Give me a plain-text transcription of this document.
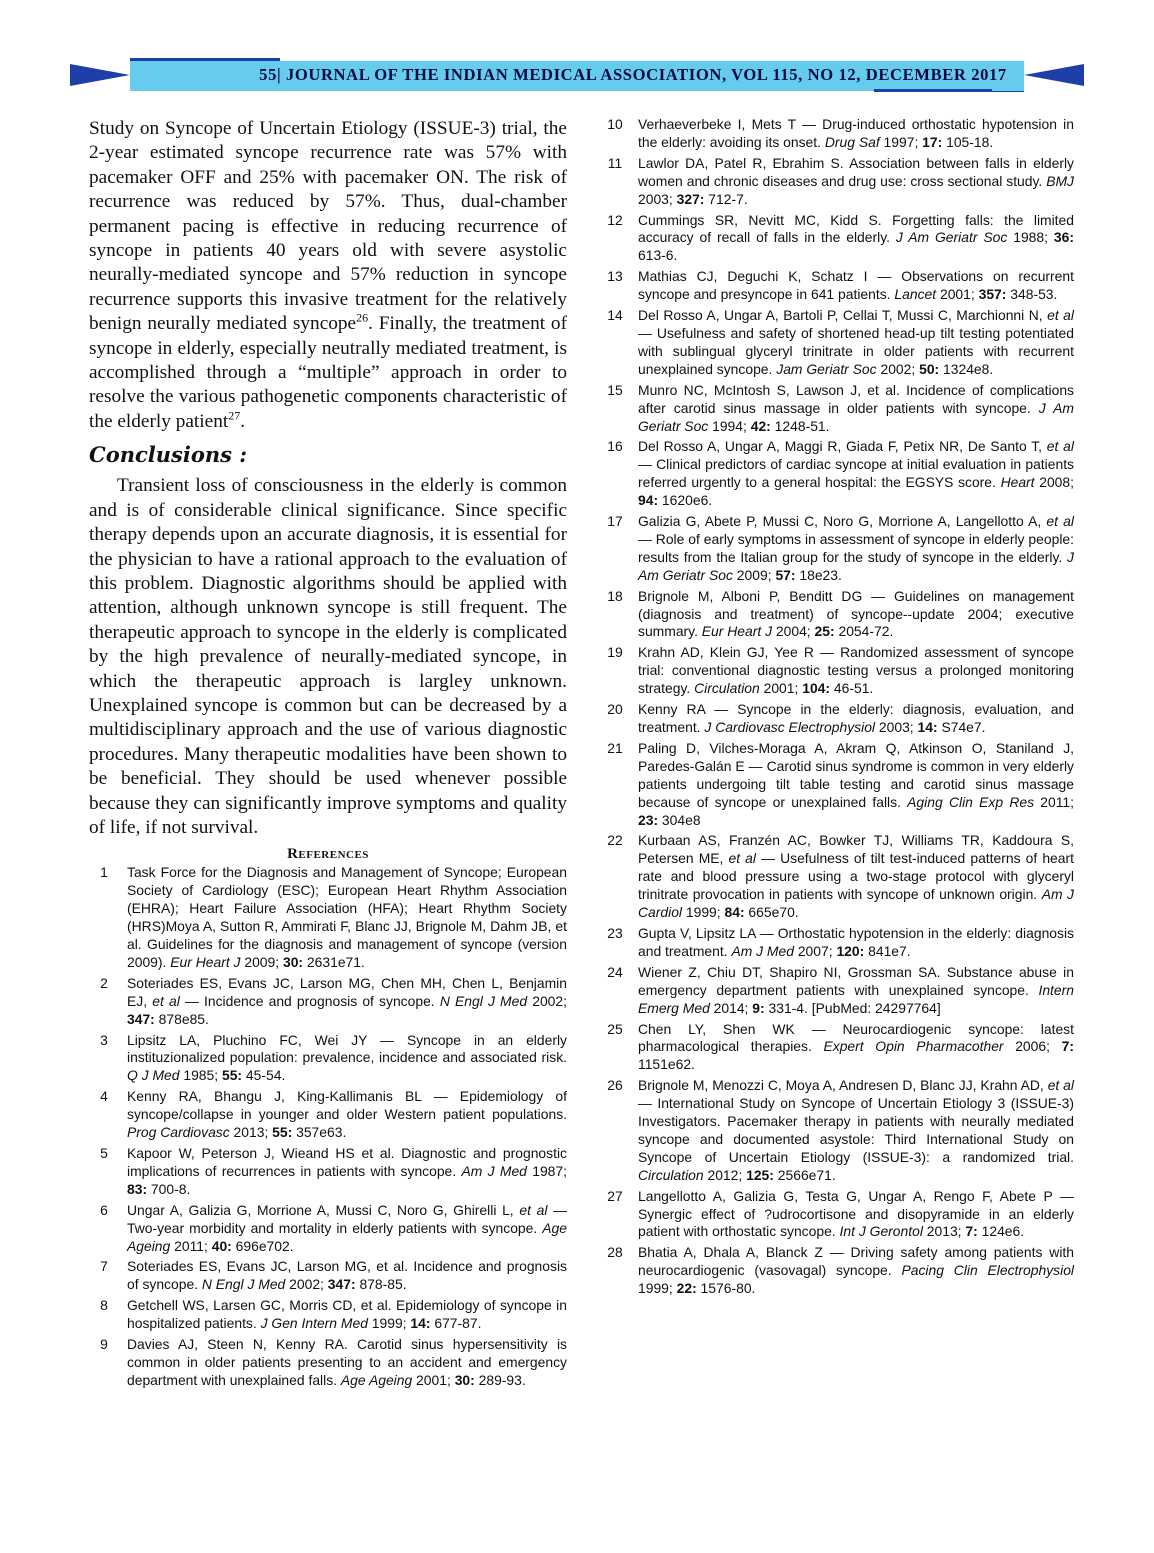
55| JOURNAL OF THE INDIAN MEDICAL ASSOCIATION, VOL 115, NO 12, DECEMBER 2017

Study on Syncope of Uncertain Etiology (ISSUE-3) trial, the 2-year estimated syncope recurrence rate was 57% with pacemaker OFF and 25% with pacemaker ON. The risk of recurrence was reduced by 57%. Thus, dual-chamber permanent pacing is effective in reducing recurrence of syncope in patients 40 years old with severe asystolic neurally-mediated syncope and 57% reduction in syncope recurrence supports this invasive treatment for the relatively benign neurally mediated syncope$^{26}$. Finally, the treatment of syncope in elderly, especially neutrally mediated treatment, is accomplished through a “multiple” approach in order to resolve the various pathogenetic components characteristic of the elderly patient$^{27}$.

Conclusions :

Transient loss of consciousness in the elderly is common and is of considerable clinical significance. Since specific therapy depends upon an accurate diagnosis, it is essential for the physician to have a rational approach to the evaluation of this problem. Diagnostic algorithms should be applied with attention, although unknown syncope is still frequent. The therapeutic approach to syncope in the elderly is complicated by the high prevalence of neurally-mediated syncope, in which the therapeutic approach is largley unknown. Unexplained syncope is common but can be decreased by a multidisciplinary approach and the use of various diagnostic procedures. Many therapeutic modalities have been shown to be beneficial. They should be used whenever possible because they can significantly improve symptoms and quality of life, if not survival.

References
1	Task Force for the Diagnosis and Management of Syncope; European Society of Cardiology (ESC); European Heart Rhythm Association (EHRA); Heart Failure Association (HFA); Heart Rhythm Society (HRS)Moya A, Sutton R, Ammirati F, Blanc JJ, Brignole M, Dahm JB, et al. Guidelines for the diagnosis and management of syncope (version 2009). Eur Heart J 2009; 30: 2631e71.
2	Soteriades ES, Evans JC, Larson MG, Chen MH, Chen L, Benjamin EJ, et al — Incidence and prognosis of syncope. N Engl J Med 2002; 347: 878e85.
3	Lipsitz LA, Pluchino FC, Wei JY — Syncope in an elderly instituzionalized population: prevalence, incidence and associated risk. Q J Med 1985; 55: 45-54.
4	Kenny RA, Bhangu J, King-Kallimanis BL — Epidemiology of syncope/collapse in younger and older Western patient populations. Prog Cardiovasc 2013; 55: 357e63.
5	Kapoor W, Peterson J, Wieand HS et al. Diagnostic and prognostic implications of recurrences in patients with syncope. Am J Med 1987; 83: 700-8.
6	Ungar A, Galizia G, Morrione A, Mussi C, Noro G, Ghirelli L, et al — Two-year morbidity and mortality in elderly patients with syncope. Age Ageing 2011; 40: 696e702.
7	Soteriades ES, Evans JC, Larson MG, et al. Incidence and prognosis of syncope. N Engl J Med 2002; 347: 878-85.
8	Getchell WS, Larsen GC, Morris CD, et al. Epidemiology of syncope in hospitalized patients. J Gen Intern Med 1999; 14: 677-87.
9	Davies AJ, Steen N, Kenny RA. Carotid sinus hypersensitivity is common in older patients presenting to an accident and emergency department with unexplained falls. Age Ageing 2001; 30: 289-93.
10	Verhaeverbeke I, Mets T — Drug-induced orthostatic hypotension in the elderly: avoiding its onset. Drug Saf 1997; 17: 105-18.
11	Lawlor DA, Patel R, Ebrahim S. Association between falls in elderly women and chronic diseases and drug use: cross sectional study. BMJ 2003; 327: 712-7.
12	Cummings SR, Nevitt MC, Kidd S. Forgetting falls: the limited accuracy of recall of falls in the elderly. J Am Geriatr Soc 1988; 36: 613-6.
13	Mathias CJ, Deguchi K, Schatz I — Observations on recurrent syncope and presyncope in 641 patients. Lancet 2001; 357: 348-53.
14	Del Rosso A, Ungar A, Bartoli P, Cellai T, Mussi C, Marchionni N, et al — Usefulness and safety of shortened head-up tilt testing potentiated with sublingual glyceryl trinitrate in older patients with recurrent unexplained syncope. Jam Geriatr Soc 2002; 50: 1324e8.
15	Munro NC, McIntosh S, Lawson J, et al. Incidence of complications after carotid sinus massage in older patients with syncope. J Am Geriatr Soc 1994; 42: 1248-51.
16	Del Rosso A, Ungar A, Maggi R, Giada F, Petix NR, De Santo T, et al — Clinical predictors of cardiac syncope at initial evaluation in patients referred urgently to a general hospital: the EGSYS score. Heart 2008; 94: 1620e6.
17	Galizia G, Abete P, Mussi C, Noro G, Morrione A, Langellotto A, et al — Role of early symptoms in assessment of syncope in elderly people: results from the Italian group for the study of syncope in the elderly. J Am Geriatr Soc 2009; 57: 18e23.
18	Brignole M, Alboni P, Benditt DG — Guidelines on management (diagnosis and treatment) of syncope--update 2004; executive summary. Eur Heart J 2004; 25: 2054-72.
19	Krahn AD, Klein GJ, Yee R — Randomized assessment of syncope trial: conventional diagnostic testing versus a prolonged monitoring strategy. Circulation 2001; 104: 46-51.
20	Kenny RA — Syncope in the elderly: diagnosis, evaluation, and treatment. J Cardiovasc Electrophysiol 2003; 14: S74e7.
21	Paling D, Vilches-Moraga A, Akram Q, Atkinson O, Staniland J, Paredes-Galán E — Carotid sinus syndrome is common in very elderly patients undergoing tilt table testing and carotid sinus massage because of syncope or unexplained falls. Aging Clin Exp Res 2011; 23: 304e8
22	Kurbaan AS, Franzén AC, Bowker TJ, Williams TR, Kaddoura S, Petersen ME, et al — Usefulness of tilt test-induced patterns of heart rate and blood pressure using a two-stage protocol with glyceryl trinitrate provocation in patients with syncope of unknown origin. Am J Cardiol 1999; 84: 665e70.
23	Gupta V, Lipsitz LA — Orthostatic hypotension in the elderly: diagnosis and treatment. Am J Med 2007; 120: 841e7.
24	Wiener Z, Chiu DT, Shapiro NI, Grossman SA. Substance abuse in emergency department patients with unexplained syncope. Intern Emerg Med 2014; 9: 331-4. [PubMed: 24297764]
25	Chen LY, Shen WK — Neurocardiogenic syncope: latest pharmacological therapies. Expert Opin Pharmacother 2006; 7: 1151e62.
26	Brignole M, Menozzi C, Moya A, Andresen D, Blanc JJ, Krahn AD, et al — International Study on Syncope of Uncertain Etiology 3 (ISSUE-3) Investigators. Pacemaker therapy in patients with neurally mediated syncope and documented asystole: Third International Study on Syncope of Uncertain Etiology (ISSUE-3): a randomized trial. Circulation 2012; 125: 2566e71.
27	Langellotto A, Galizia G, Testa G, Ungar A, Rengo F, Abete P — Synergic effect of ?udrocortisone and disopyramide in an elderly patient with orthostatic syncope. Int J Gerontol 2013; 7: 124e6.
28	Bhatia A, Dhala A, Blanck Z — Driving safety among patients with neurocardiogenic (vasovagal) syncope. Pacing Clin Electrophysiol 1999; 22: 1576-80.
